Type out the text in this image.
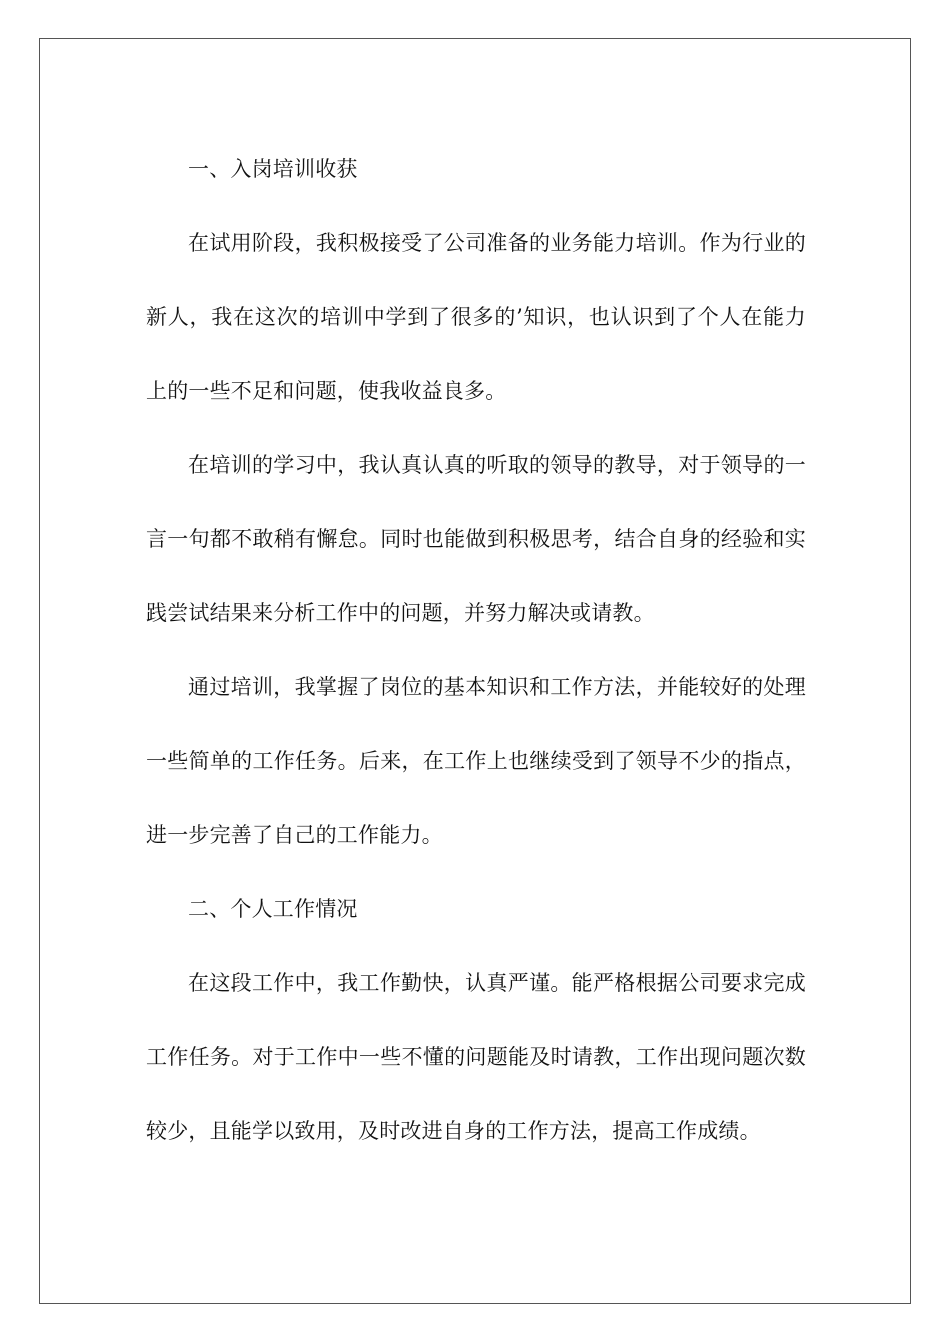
一、入岗培训收获

在试用阶段，我积极接受了公司准备的业务能力培训。作为行业的新人，我在这次的培训中学到了很多的’知识，也认识到了个人在能力上的一些不足和问题，使我收益良多。

在培训的学习中，我认真认真的听取的领导的教导，对于领导的一言一句都不敢稍有懈怠。同时也能做到积极思考，结合自身的经验和实践尝试结果来分析工作中的问题，并努力解决或请教。

通过培训，我掌握了岗位的基本知识和工作方法，并能较好的处理一些简单的工作任务。后来，在工作上也继续受到了领导不少的指点，进一步完善了自己的工作能力。

二、个人工作情况

在这段工作中，我工作勤快，认真严谨。能严格根据公司要求完成工作任务。对于工作中一些不懂的问题能及时请教，工作出现问题次数较少，且能学以致用，及时改进自身的工作方法，提高工作成绩。
